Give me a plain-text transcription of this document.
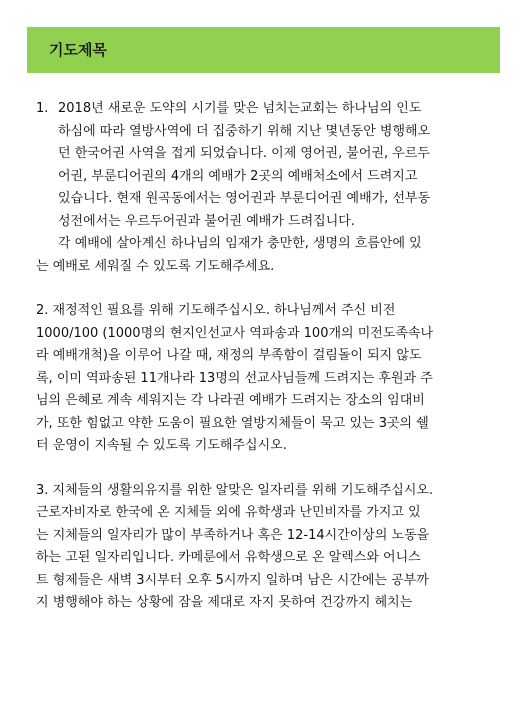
기도제목
1. 2018년 새로운 도약의 시기를 맞은 넘치는교회는 하나님의 인도
하심에 따라 열방사역에 더 집중하기 위해 지난 몇년동안 병행해오
던 한국어권 사역을 접게 되었습니다. 이제 영어권, 불어권, 우르두
어권, 부룬디어권의 4개의 예배가 2곳의 예배처소에서 드려지고
있습니다. 현재 원곡동에서는 영어권과 부룬디어권 예배가, 선부동
성전에서는 우르두어권과 불어권 예배가 드려집니다.
각 예배에 살아계신 하나님의 임재가 충만한, 생명의 흐름안에 있
는 예배로 세워질 수 있도록 기도해주세요.
2. 재정적인 필요를 위해 기도해주십시오. 하나님께서 주신 비전
1000/100 (1000명의 현지인선교사 역파송과 100개의 미전도족속나
라 예배개척)을 이루어 나갈 때, 재정의 부족함이 걸림돌이 되지 않도
록, 이미 역파송된 11개나라 13명의 선교사님들께 드려지는 후원과 주
님의 은혜로 계속 세워지는 각 나라권 예배가 드려지는 장소의 임대비
가, 또한 힘없고 약한 도움이 필요한 열방지체들이 묵고 있는 3곳의 쉘
터 운영이 지속될 수 있도록 기도해주십시오.
3. 지체들의 생활의유지를 위한 알맞은 일자리를 위해 기도해주십시오.
근로자비자로 한국에 온 지체들 외에 유학생과 난민비자를 가지고 있
는 지체들의 일자리가 많이 부족하거나 혹은 12-14시간이상의 노동을
하는 고된 일자리입니다. 카메룬에서 유학생으로 온 알렉스와 어니스
트 형제들은 새벽 3시부터 오후 5시까지 일하며 남은 시간에는 공부까
지 병행해야 하는 상황에 잠을 제대로 자지 못하여 건강까지 헤치는
